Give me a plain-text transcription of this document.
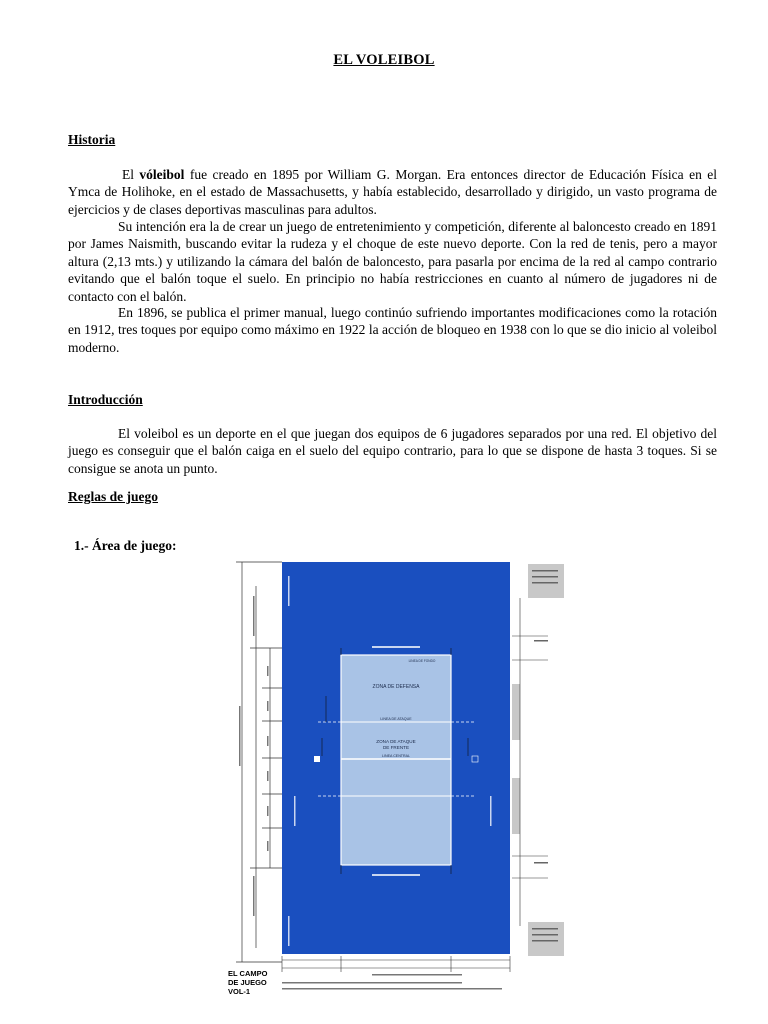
EL VOLEIBOL
Historia

El vóleibol fue creado en 1895 por William G. Morgan. Era entonces director de Educación Física en el Ymca de Holihoke, en el estado de Massachusetts, y había establecido, desarrollado y dirigido, un vasto programa de ejercicios y de clases deportivas masculinas para adultos.

Su intención era la de crear un juego de entretenimiento y competición, diferente al baloncesto creado en 1891 por James Naismith, buscando evitar la rudeza y el choque de este nuevo deporte. Con la red de tenis, pero a mayor altura (2,13 mts.) y utilizando la cámara del balón de baloncesto, para pasarla por encima de la red al campo contrario evitando que el balón toque el suelo. En principio no había restricciones en cuanto al número de jugadores ni de contacto con el balón.

En 1896, se publica el primer manual, luego continúo sufriendo importantes modificaciones como la rotación en 1912, tres toques por equipo como máximo en 1922 la acción de bloqueo en 1938 con lo que se dio inicio al voleibol moderno.

Introducción

El voleibol es un deporte en el que juegan dos equipos de 6 jugadores separados por una red. El objetivo del juego es conseguir que el balón caiga en el suelo del equipo contrario, para lo que se dispone de hasta 3 toques. Si se consigue se anota un punto.

Reglas de juego
1.- Área de juego:
ZONA DE DEFENSA
ZONA DE ATAQUE
DE FRENTE
LINEA DE ATAQUE
LINEA CENTRAL
LINEA DE FONDO
EL CAMPO
DE JUEGO
VOL-1
